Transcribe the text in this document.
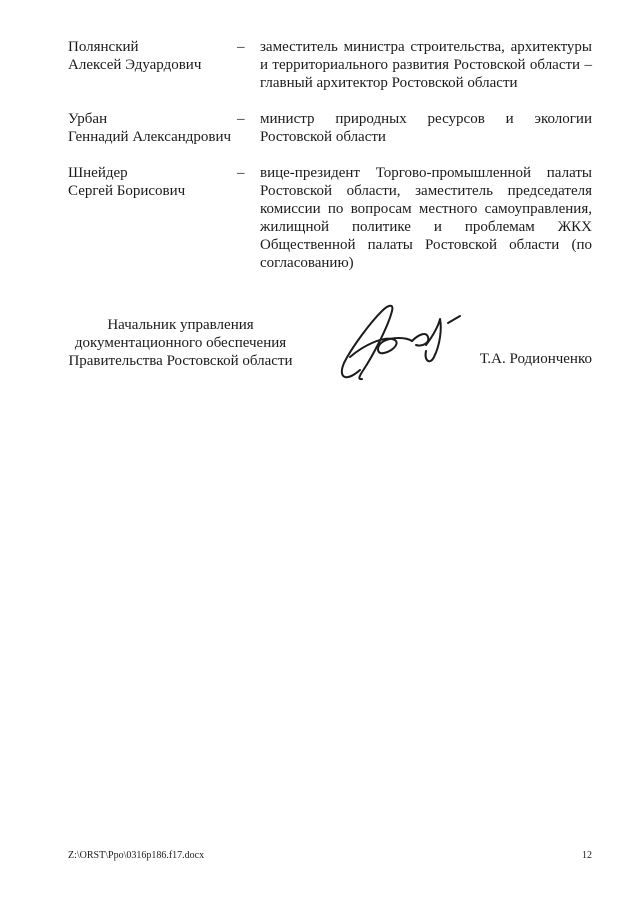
Полянский
Алексей Эдуардович
–	заместитель министра строительства, архитектуры и территориального развития Ростовской области – главный архитектор Ростовской области
Урбан
Геннадий Александрович
–	министр природных ресурсов и экологии Ростовской области
Шнейдер
Сергей Борисович
–	вице-президент Торгово-промышленной палаты Ростовской области, заместитель председателя комиссии по вопросам местного самоуправления, жилищной политике и проблемам ЖКХ Общественной палаты Ростовской области (по согласованию)
Начальник управления документационного обеспечения Правительства Ростовской области	Т.А. Родионченко
Z:\ORST\Ppo\0316p186.f17.docx	12
